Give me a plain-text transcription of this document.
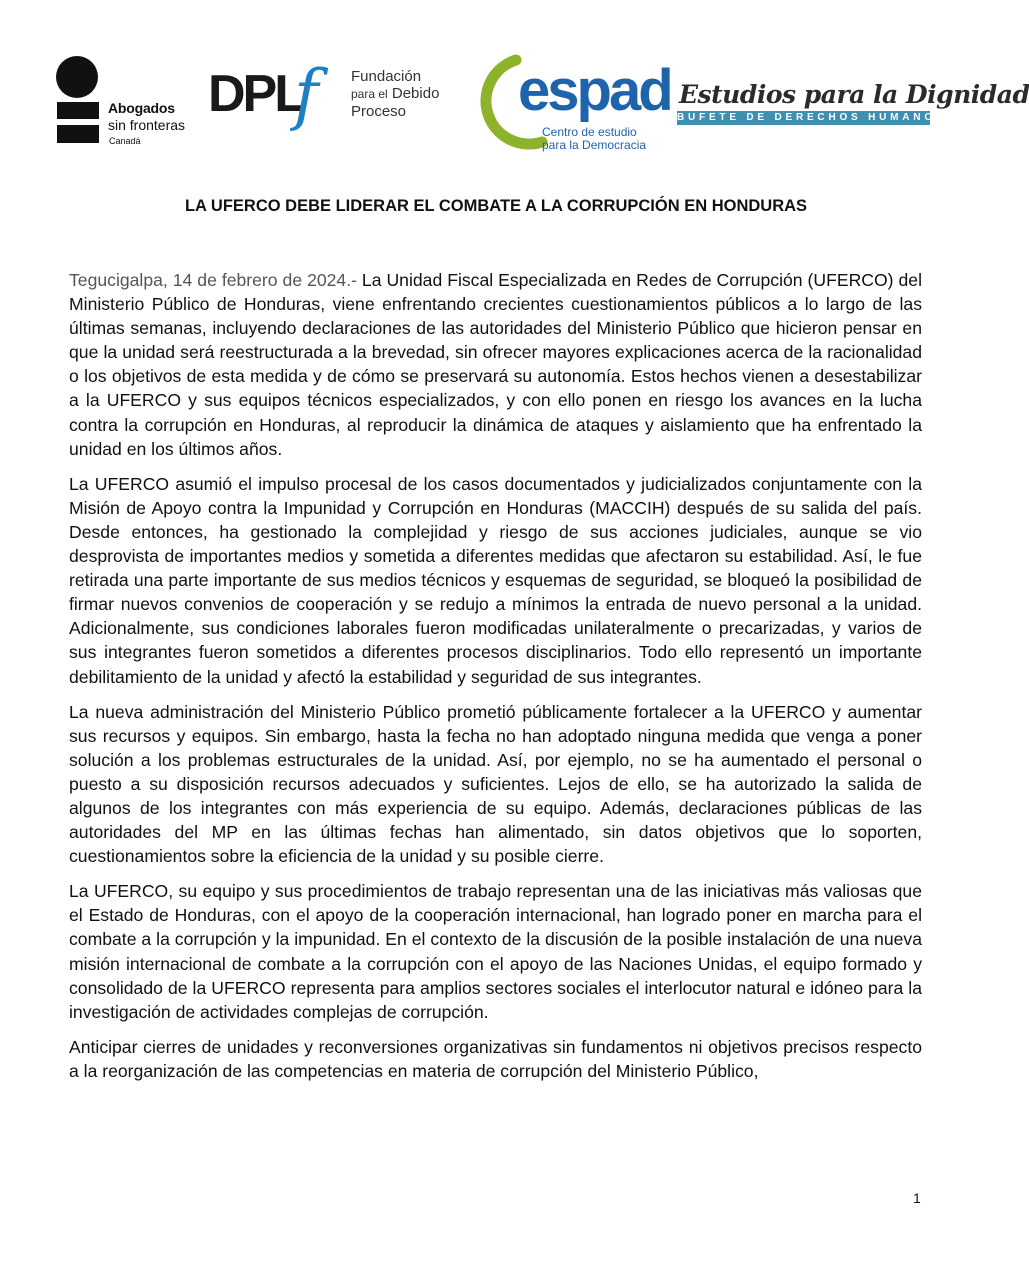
Abogados
sin fronteras
Canadá
DPL
f Fundación
para el Debido
Proceso	espad
Centro de estudio
para la Democracia
Estudios para la Dignidad
BUFETE DE DERECHOS HUMANOS
LA UFERCO DEBE LIDERAR EL COMBATE A LA CORRUPCIÓN EN HONDURAS

Tegucigalpa, 14 de febrero de 2024.- La Unidad Fiscal Especializada en Redes de Corrupción (UFERCO) del Ministerio Público de Honduras, viene enfrentando crecientes cuestionamientos públicos a lo largo de las últimas semanas, incluyendo declaraciones de las autoridades del Ministerio Público que hicieron pensar en que la unidad será reestructurada a la brevedad, sin ofrecer mayores explicaciones acerca de la racionalidad o los objetivos de esta medida y de cómo se preservará su autonomía. Estos hechos vienen a desestabilizar a la UFERCO y sus equipos técnicos especializados, y con ello ponen en riesgo los avances en la lucha contra la corrupción en Honduras, al reproducir la dinámica de ataques y aislamiento que ha enfrentado la unidad en los últimos años.

La UFERCO asumió el impulso procesal de los casos documentados y judicializados conjuntamente con la Misión de Apoyo contra la Impunidad y Corrupción en Honduras (MACCIH) después de su salida del país. Desde entonces, ha gestionado la complejidad y riesgo de sus acciones judiciales, aunque se vio desprovista de importantes medios y sometida a diferentes medidas que afectaron su estabilidad. Así, le fue retirada una parte importante de sus medios técnicos y esquemas de seguridad, se bloqueó la posibilidad de firmar nuevos convenios de cooperación y se redujo a mínimos la entrada de nuevo personal a la unidad. Adicionalmente, sus condiciones laborales fueron modificadas unilateralmente o precarizadas, y varios de sus integrantes fueron sometidos a diferentes procesos disciplinarios. Todo ello representó un importante debilitamiento de la unidad y afectó la estabilidad y seguridad de sus integrantes.

La nueva administración del Ministerio Público prometió públicamente fortalecer a la UFERCO y aumentar sus recursos y equipos. Sin embargo, hasta la fecha no han adoptado ninguna medida que venga a poner solución a los problemas estructurales de la unidad. Así, por ejemplo, no se ha aumentado el personal o puesto a su disposición recursos adecuados y suficientes. Lejos de ello, se ha autorizado la salida de algunos de los integrantes con más experiencia de su equipo. Además, declaraciones públicas de las autoridades del MP en las últimas fechas han alimentado, sin datos objetivos que lo soporten, cuestionamientos sobre la eficiencia de la unidad y su posible cierre.

La UFERCO, su equipo y sus procedimientos de trabajo representan una de las iniciativas más valiosas que el Estado de Honduras, con el apoyo de la cooperación internacional, han logrado poner en marcha para el combate a la corrupción y la impunidad. En el contexto de la discusión de la posible instalación de una nueva misión internacional de combate a la corrupción con el apoyo de las Naciones Unidas, el equipo formado y consolidado de la UFERCO representa para amplios sectores sociales el interlocutor natural e idóneo para la investigación de actividades complejas de corrupción.

Anticipar cierres de unidades y reconversiones organizativas sin fundamentos ni objetivos precisos respecto a la reorganización de las competencias en materia de corrupción del Ministerio Público,

1
